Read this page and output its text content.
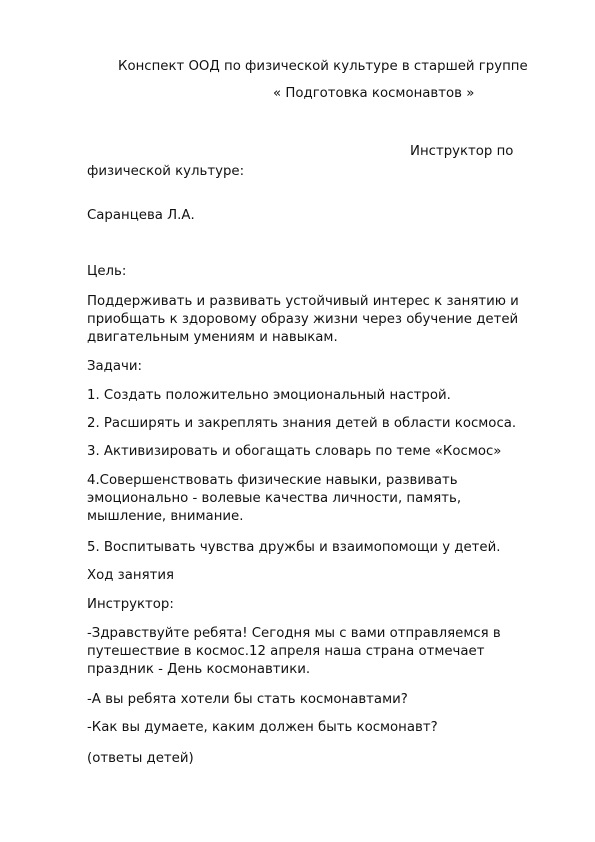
Конспект ООД по физической культуре в старшей группе

« Подготовка космонавтов »

Инструктор по

физической культуре:

Саранцева Л.А.

Цель:

Поддерживать и развивать устойчивый интерес к занятию и
приобщать к здоровому образу жизни через обучение детей
двигательным умениям и навыкам.

Задачи:

1. Создать положительно эмоциональный настрой.

2. Расширять и закреплять знания детей в области космоса.

3. Активизировать и обогащать словарь по теме «Космос»

4.Совершенствовать физические навыки, развивать
эмоционально - волевые качества личности, память,
мышление, внимание.

5. Воспитывать чувства дружбы и взаимопомощи у детей.

Ход занятия

Инструктор:

-Здравствуйте ребята! Сегодня мы с вами отправляемся в
путешествие в космос.12 апреля наша страна отмечает
праздник - День космонавтики.

-А вы ребята хотели бы стать космонавтами?

-Как вы думаете, каким должен быть космонавт?

(ответы детей)
